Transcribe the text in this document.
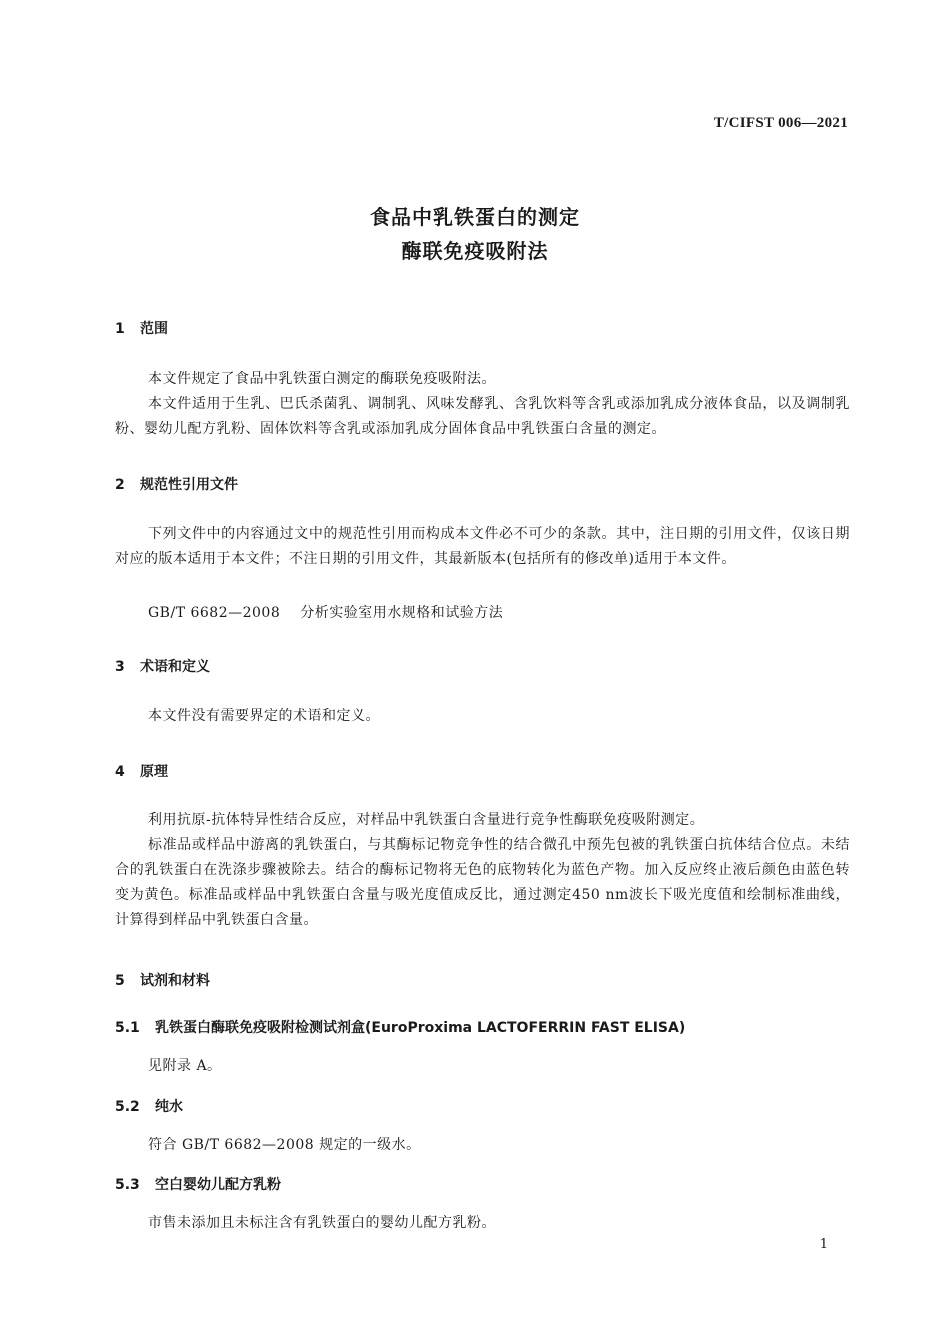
T/CIFST 006—2021
食品中乳铁蛋白的测定
酶联免疫吸附法
1 范围
本文件规定了食品中乳铁蛋白测定的酶联免疫吸附法。
本文件适用于生乳、巴氏杀菌乳、调制乳、风味发酵乳、含乳饮料等含乳或添加乳成分液体食品，以及调制乳粉、婴幼儿配方乳粉、固体饮料等含乳或添加乳成分固体食品中乳铁蛋白含量的测定。
2 规范性引用文件
下列文件中的内容通过文中的规范性引用而构成本文件必不可少的条款。其中，注日期的引用文件，仅该日期对应的版本适用于本文件；不注日期的引用文件，其最新版本(包括所有的修改单)适用于本文件。
GB/T 6682—2008 分析实验室用水规格和试验方法
3 术语和定义
本文件没有需要界定的术语和定义。
4 原理
利用抗原-抗体特异性结合反应，对样品中乳铁蛋白含量进行竞争性酶联免疫吸附测定。
标准品或样品中游离的乳铁蛋白，与其酶标记物竞争性的结合微孔中预先包被的乳铁蛋白抗体结合位点。未结合的乳铁蛋白在洗涤步骤被除去。结合的酶标记物将无色的底物转化为蓝色产物。加入反应终止液后颜色由蓝色转变为黄色。标准品或样品中乳铁蛋白含量与吸光度值成反比，通过测定450 nm波长下吸光度值和绘制标准曲线，计算得到样品中乳铁蛋白含量。
5 试剂和材料
5.1 乳铁蛋白酶联免疫吸附检测试剂盒(EuroProxima LACTOFERRIN FAST ELISA)
见附录 A。
5.2 纯水
符合 GB/T 6682—2008 规定的一级水。
5.3 空白婴幼儿配方乳粉
市售未添加且未标注含有乳铁蛋白的婴幼儿配方乳粉。
1
